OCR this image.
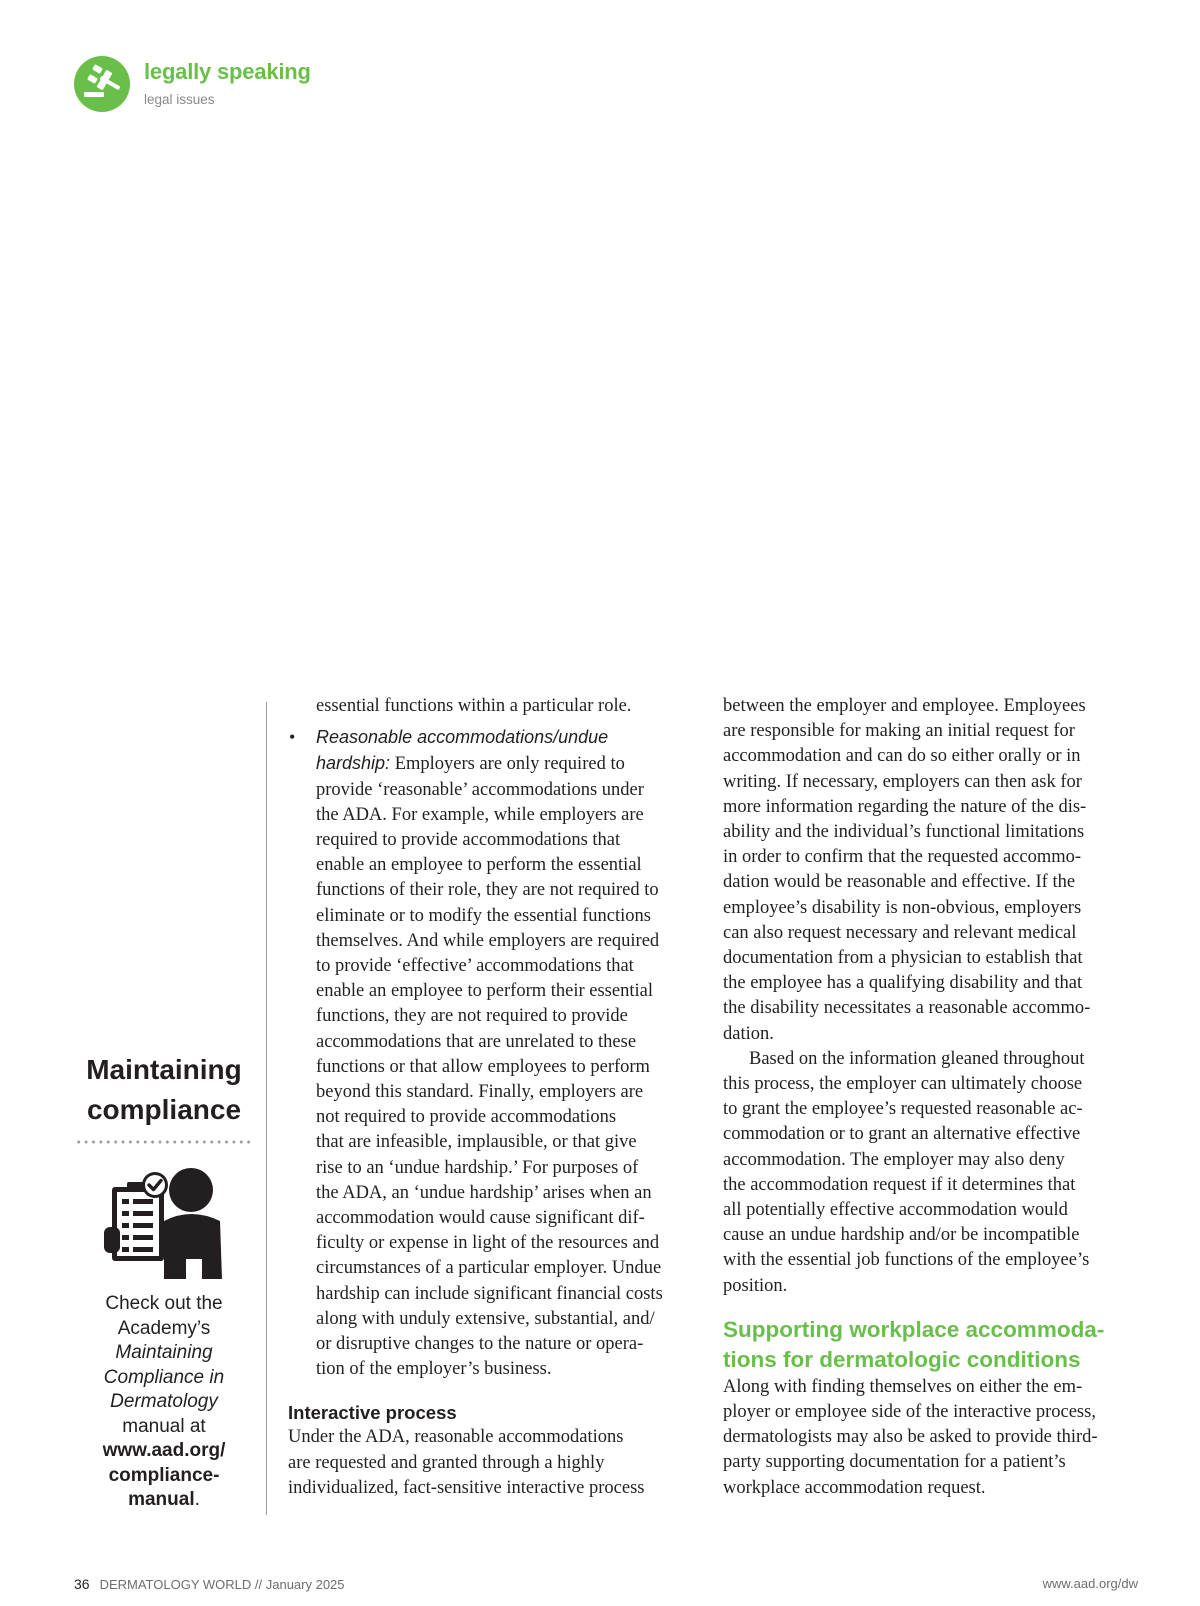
legally speaking
legal issues
Maintaining
compliance
Check out the
Academy’s
Maintaining
Compliance in
Dermatology
manual at
www.aad.org/
compliance-
manual.
essential functions within a particular role.
• Reasonable accommodations/undue
hardship: Employers are only required to
provide ‘reasonable’ accommodations under
the ADA. For example, while employers are
required to provide accommodations that
enable an employee to perform the essential
functions of their role, they are not required to
eliminate or to modify the essential functions
themselves. And while employers are required
to provide ‘effective’ accommodations that
enable an employee to perform their essential
functions, they are not required to provide
accommodations that are unrelated to these
functions or that allow employees to perform
beyond this standard. Finally, employers are
not required to provide accommodations
that are infeasible, implausible, or that give
rise to an ‘undue hardship.’ For purposes of
the ADA, an ‘undue hardship’ arises when an
accommodation would cause significant dif-
ficulty or expense in light of the resources and
circumstances of a particular employer. Undue
hardship can include significant financial costs
along with unduly extensive, substantial, and/
or disruptive changes to the nature or opera-
tion of the employer’s business.
Interactive process
Under the ADA, reasonable accommodations
are requested and granted through a highly
individualized, fact-sensitive interactive process
between the employer and employee. Employees
are responsible for making an initial request for
accommodation and can do so either orally or in
writing. If necessary, employers can then ask for
more information regarding the nature of the dis-
ability and the individual’s functional limitations
in order to confirm that the requested accommo-
dation would be reasonable and effective. If the
employee’s disability is non-obvious, employers
can also request necessary and relevant medical
documentation from a physician to establish that
the employee has a qualifying disability and that
the disability necessitates a reasonable accommo-
dation.
Based on the information gleaned throughout
this process, the employer can ultimately choose
to grant the employee’s requested reasonable ac-
commodation or to grant an alternative effective
accommodation. The employer may also deny
the accommodation request if it determines that
all potentially effective accommodation would
cause an undue hardship and/or be incompatible
with the essential job functions of the employee’s
position.
Supporting workplace accommoda-
tions for dermatologic conditions
Along with finding themselves on either the em-
ployer or employee side of the interactive process,
dermatologists may also be asked to provide third-
party supporting documentation for a patient’s
workplace accommodation request.
36 DERMATOLOGY WORLD // January 2025	www.aad.org/dw
